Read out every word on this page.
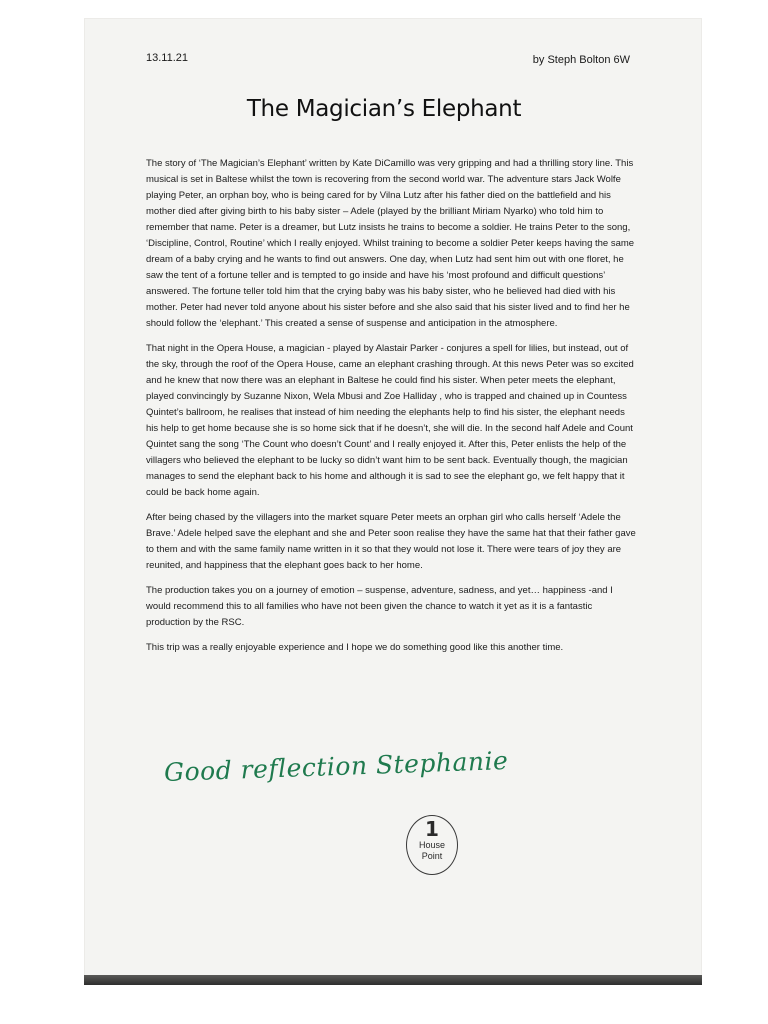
13.11.21	by Steph Bolton 6W
The Magician’s Elephant

The story of ‘The Magician’s Elephant’ written by Kate DiCamillo was very gripping and had a thrilling story line. This musical is set in Baltese whilst the town is recovering from the second world war. The adventure stars Jack Wolfe playing Peter, an orphan boy, who is being cared for by Vilna Lutz after his father died on the battlefield and his mother died after giving birth to his baby sister – Adele (played by the brilliant Miriam Nyarko) who told him to remember that name. Peter is a dreamer, but Lutz insists he trains to become a soldier. He trains Peter to the song, ‘Discipline, Control, Routine’ which I really enjoyed. Whilst training to become a soldier Peter keeps having the same dream of a baby crying and he wants to find out answers. One day, when Lutz had sent him out with one floret, he saw the tent of a fortune teller and is tempted to go inside and have his ‘most profound and difficult questions’ answered. The fortune teller told him that the crying baby was his baby sister, who he believed had died with his mother. Peter had never told anyone about his sister before and she also said that his sister lived and to find her he should follow the ‘elephant.’ This created a sense of suspense and anticipation in the atmosphere.

That night in the Opera House, a magician - played by Alastair Parker - conjures a spell for lilies, but instead, out of the sky, through the roof of the Opera House, came an elephant crashing through. At this news Peter was so excited and he knew that now there was an elephant in Baltese he could find his sister. When peter meets the elephant, played convincingly by Suzanne Nixon, Wela Mbusi and Zoe Halliday , who is trapped and chained up in Countess Quintet’s ballroom, he realises that instead of him needing the elephants help to find his sister, the elephant needs his help to get home because she is so home sick that if he doesn’t, she will die. In the second half Adele and Count Quintet sang the song ‘The Count who doesn’t Count’ and I really enjoyed it. After this, Peter enlists the help of the villagers who believed the elephant to be lucky so didn’t want him to be sent back. Eventually though, the magician manages to send the elephant back to his home and although it is sad to see the elephant go, we felt happy that it could be back home again.

After being chased by the villagers into the market square Peter meets an orphan girl who calls herself ‘Adele the Brave.’ Adele helped save the elephant and she and Peter soon realise they have the same hat that their father gave to them and with the same family name written in it so that they would not lose it. There were tears of joy they are reunited, and happiness that the elephant goes back to her home.

The production takes you on a journey of emotion – suspense, adventure, sadness, and yet… happiness -and I would recommend this to all families who have not been given the chance to watch it yet as it is a fantastic production by the RSC.

This trip was a really enjoyable experience and I hope we do something good like this another time.

Good reflection Stephanie
1
House
Point
